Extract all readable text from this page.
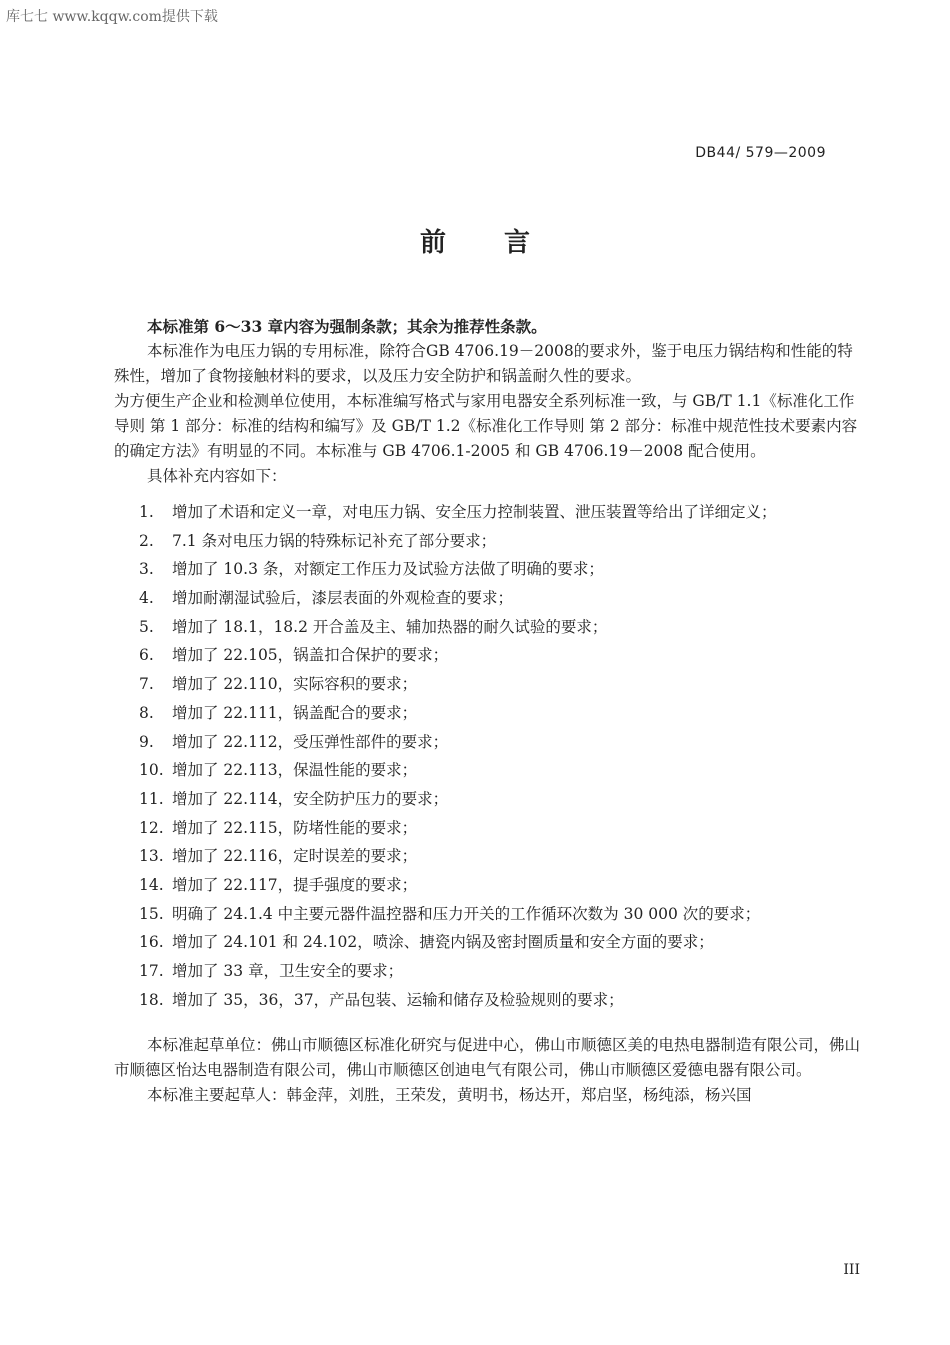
库七七 www.kqqw.com提供下载
DB44/ 579—2009
前言

本标准第 6～33 章内容为强制条款；其余为推荐性条款。

本标准作为电压力锅的专用标准，除符合GB 4706.19－2008的要求外，鉴于电压力锅结构和性能的特殊性，增加了食物接触材料的要求，以及压力安全防护和锅盖耐久性的要求。

为方便生产企业和检测单位使用，本标准编写格式与家用电器安全系列标准一致，与 GB/T 1.1《标准化工作导则 第 1 部分：标准的结构和编写》及 GB/T 1.2《标准化工作导则 第 2 部分：标准中规范性技术要素内容的确定方法》有明显的不同。本标准与 GB 4706.1-2005 和 GB 4706.19－2008 配合使用。

具体补充内容如下：

1. 增加了术语和定义一章，对电压力锅、安全压力控制装置、泄压装置等给出了详细定义；
2. 7.1 条对电压力锅的特殊标记补充了部分要求；
3. 增加了 10.3 条，对额定工作压力及试验方法做了明确的要求；
4. 增加耐潮湿试验后，漆层表面的外观检查的要求；
5. 增加了 18.1，18.2 开合盖及主、辅加热器的耐久试验的要求；
6. 增加了 22.105，锅盖扣合保护的要求；
7. 增加了 22.110，实际容积的要求；
8. 增加了 22.111，锅盖配合的要求；
9. 增加了 22.112，受压弹性部件的要求；
10. 增加了 22.113，保温性能的要求；
11. 增加了 22.114，安全防护压力的要求；
12. 增加了 22.115，防堵性能的要求；
13. 增加了 22.116，定时误差的要求；
14. 增加了 22.117，提手强度的要求；
15. 明确了 24.1.4 中主要元器件温控器和压力开关的工作循环次数为 30 000 次的要求；
16. 增加了 24.101 和 24.102，喷涂、搪瓷内锅及密封圈质量和安全方面的要求；
17. 增加了 33 章，卫生安全的要求；
18. 增加了 35，36，37，产品包装、运输和储存及检验规则的要求；

本标准起草单位：佛山市顺德区标准化研究与促进中心，佛山市顺德区美的电热电器制造有限公司，佛山市顺德区怡达电器制造有限公司，佛山市顺德区创迪电气有限公司，佛山市顺德区爱德电器有限公司。

本标准主要起草人：韩金萍，刘胜，王荣发，黄明书，杨达开，郑启坚，杨纯添，杨兴国

III
